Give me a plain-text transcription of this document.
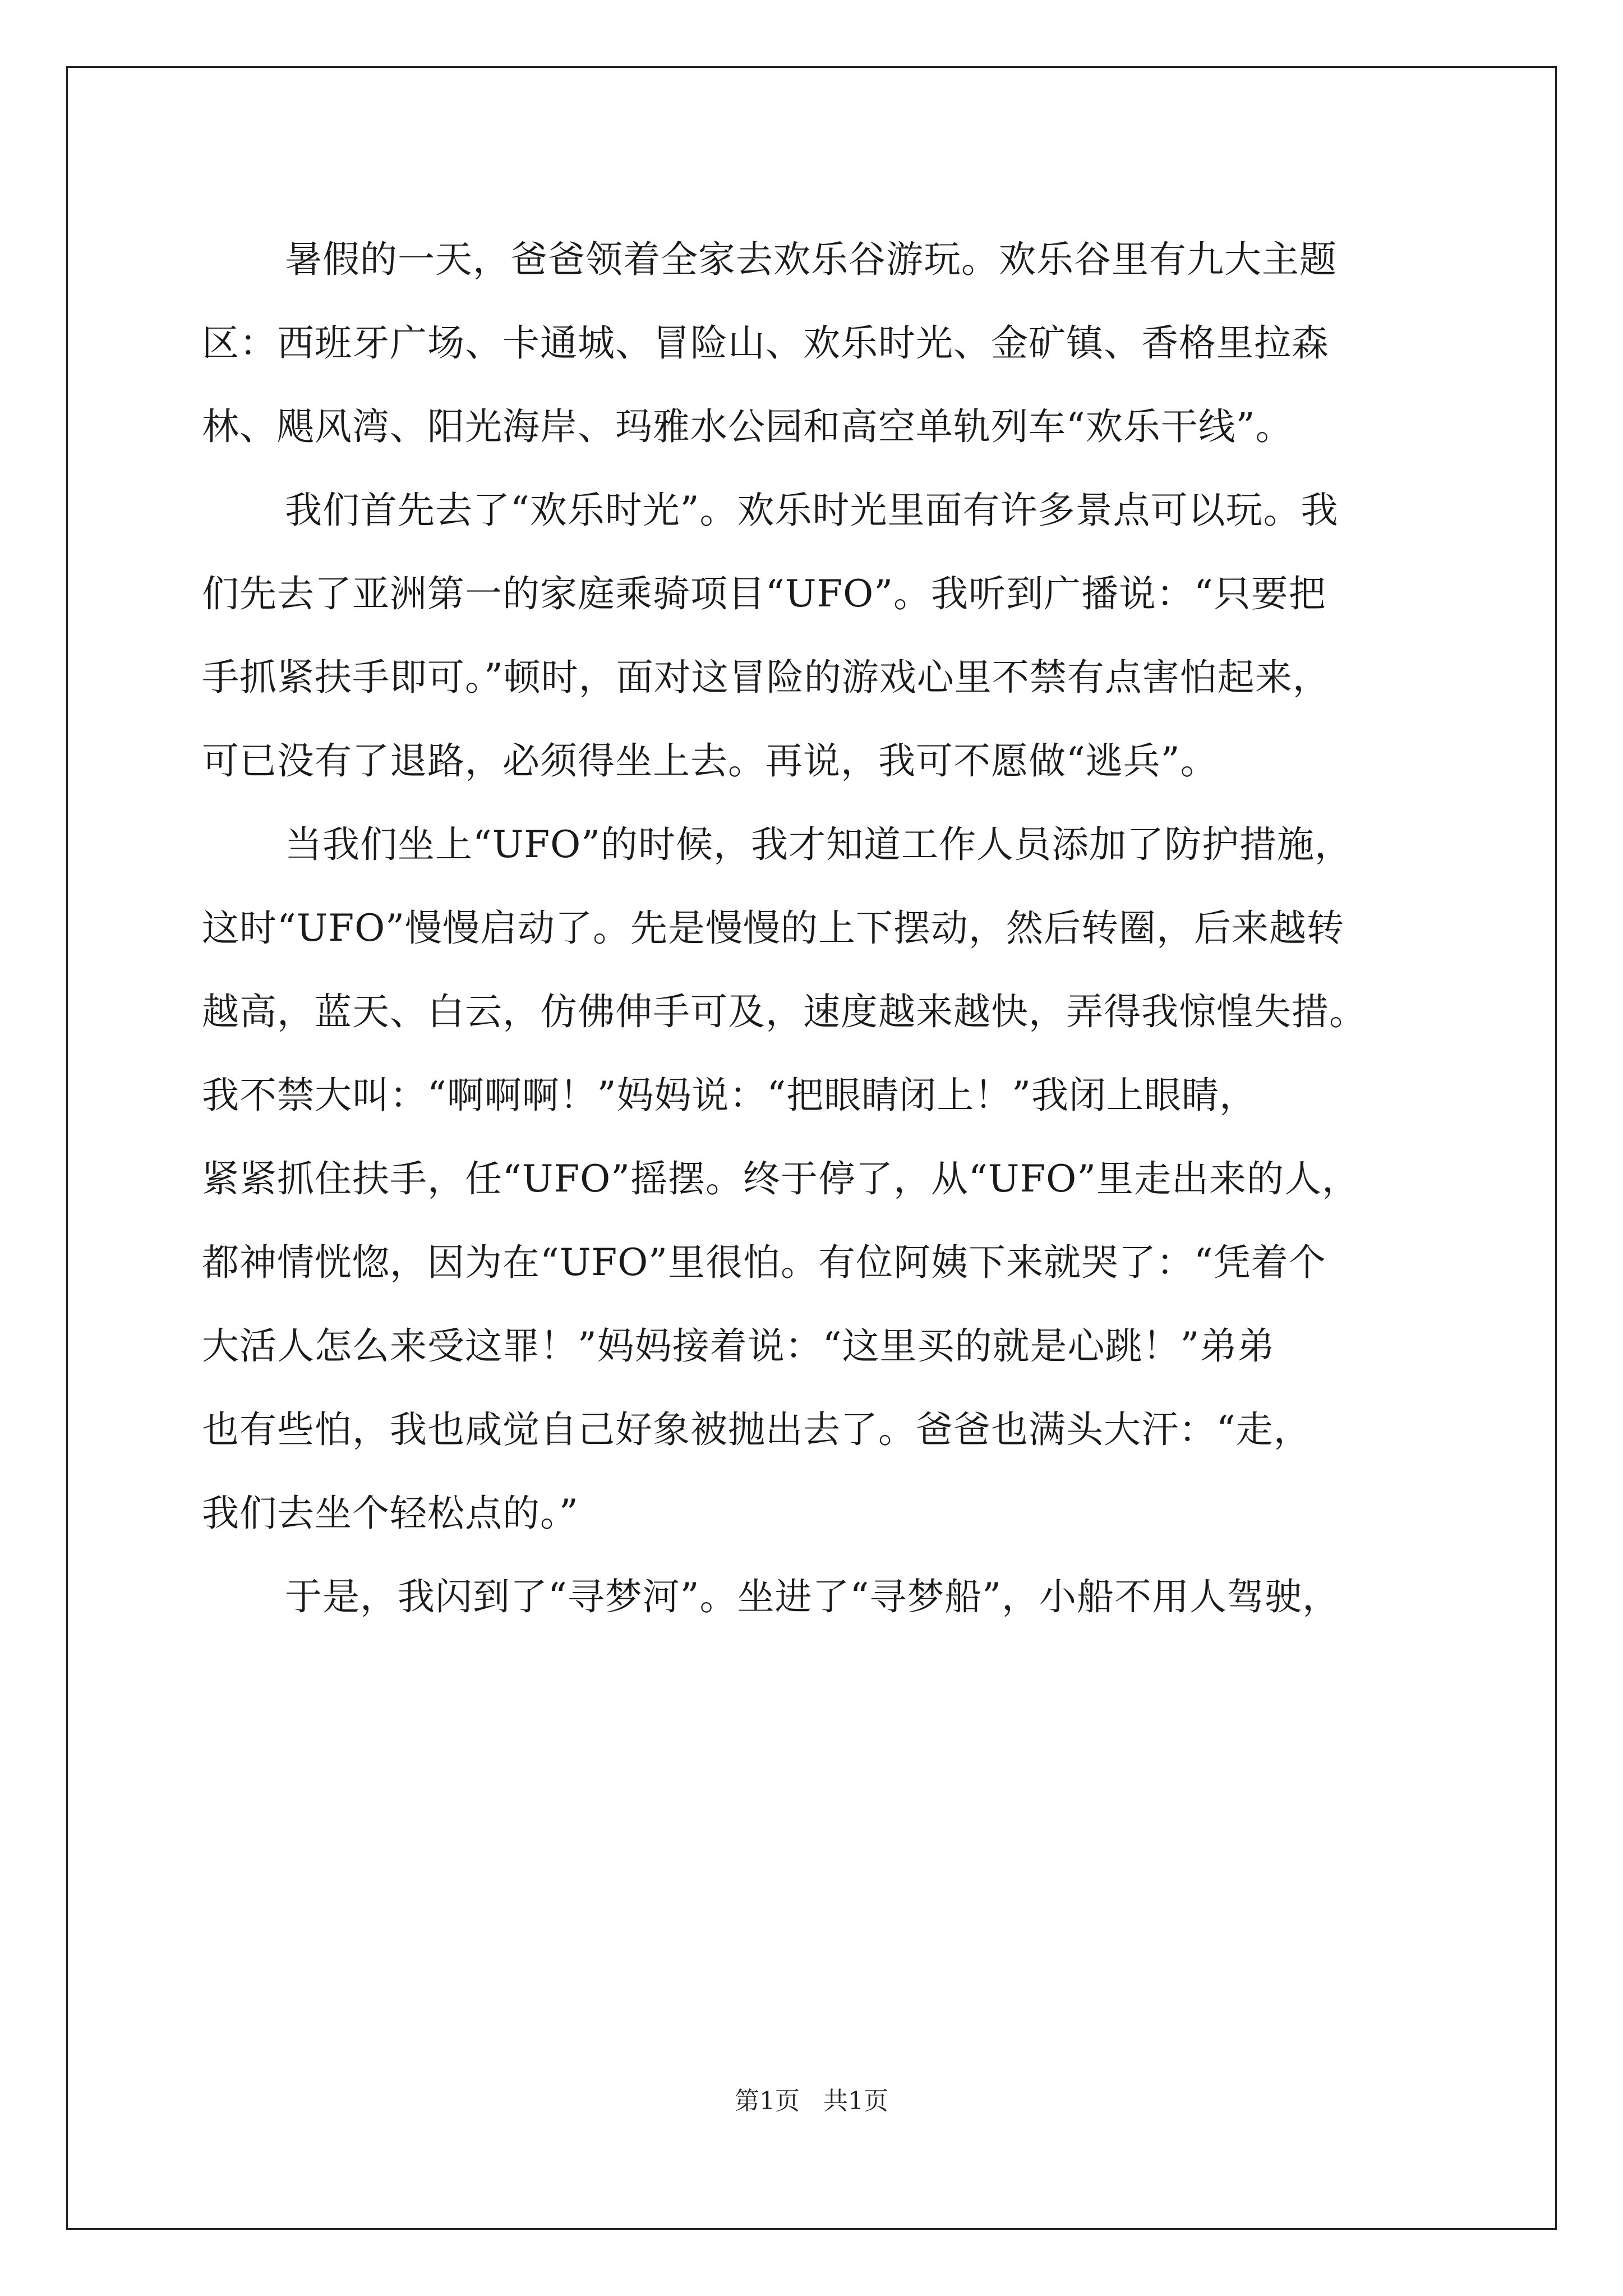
暑假的一天，爸爸领着全家去欢乐谷游玩。欢乐谷里有九大主题
区：西班牙广场、卡通城、冒险山、欢乐时光、金矿镇、香格里拉森
林、飓风湾、阳光海岸、玛雅水公园和高空单轨列车“欢乐干线”。
我们首先去了“欢乐时光”。欢乐时光里面有许多景点可以玩。我
们先去了亚洲第一的家庭乘骑项目“UFO”。我听到广播说：“只要把
手抓紧扶手即可。”顿时，面对这冒险的游戏心里不禁有点害怕起来，
可已没有了退路，必须得坐上去。再说，我可不愿做“逃兵”。
当我们坐上“UFO”的时候，我才知道工作人员添加了防护措施，
这时“UFO”慢慢启动了。先是慢慢的上下摆动，然后转圈，后来越转
越高，蓝天、白云，仿佛伸手可及，速度越来越快，弄得我惊惶失措。
我不禁大叫：“啊啊啊！”妈妈说：“把眼睛闭上！”我闭上眼睛，
紧紧抓住扶手，任“UFO”摇摆。终于停了，从“UFO”里走出来的人，
都神情恍惚，因为在“UFO”里很怕。有位阿姨下来就哭了：“凭着个
大活人怎么来受这罪！”妈妈接着说：“这里买的就是心跳！”弟弟
也有些怕，我也咸觉自己好象被抛出去了。爸爸也满头大汗：“走，
我们去坐个轻松点的。”
于是，我闪到了“寻梦河”。坐进了“寻梦船”，小船不用人驾驶，
第1页   共1页
